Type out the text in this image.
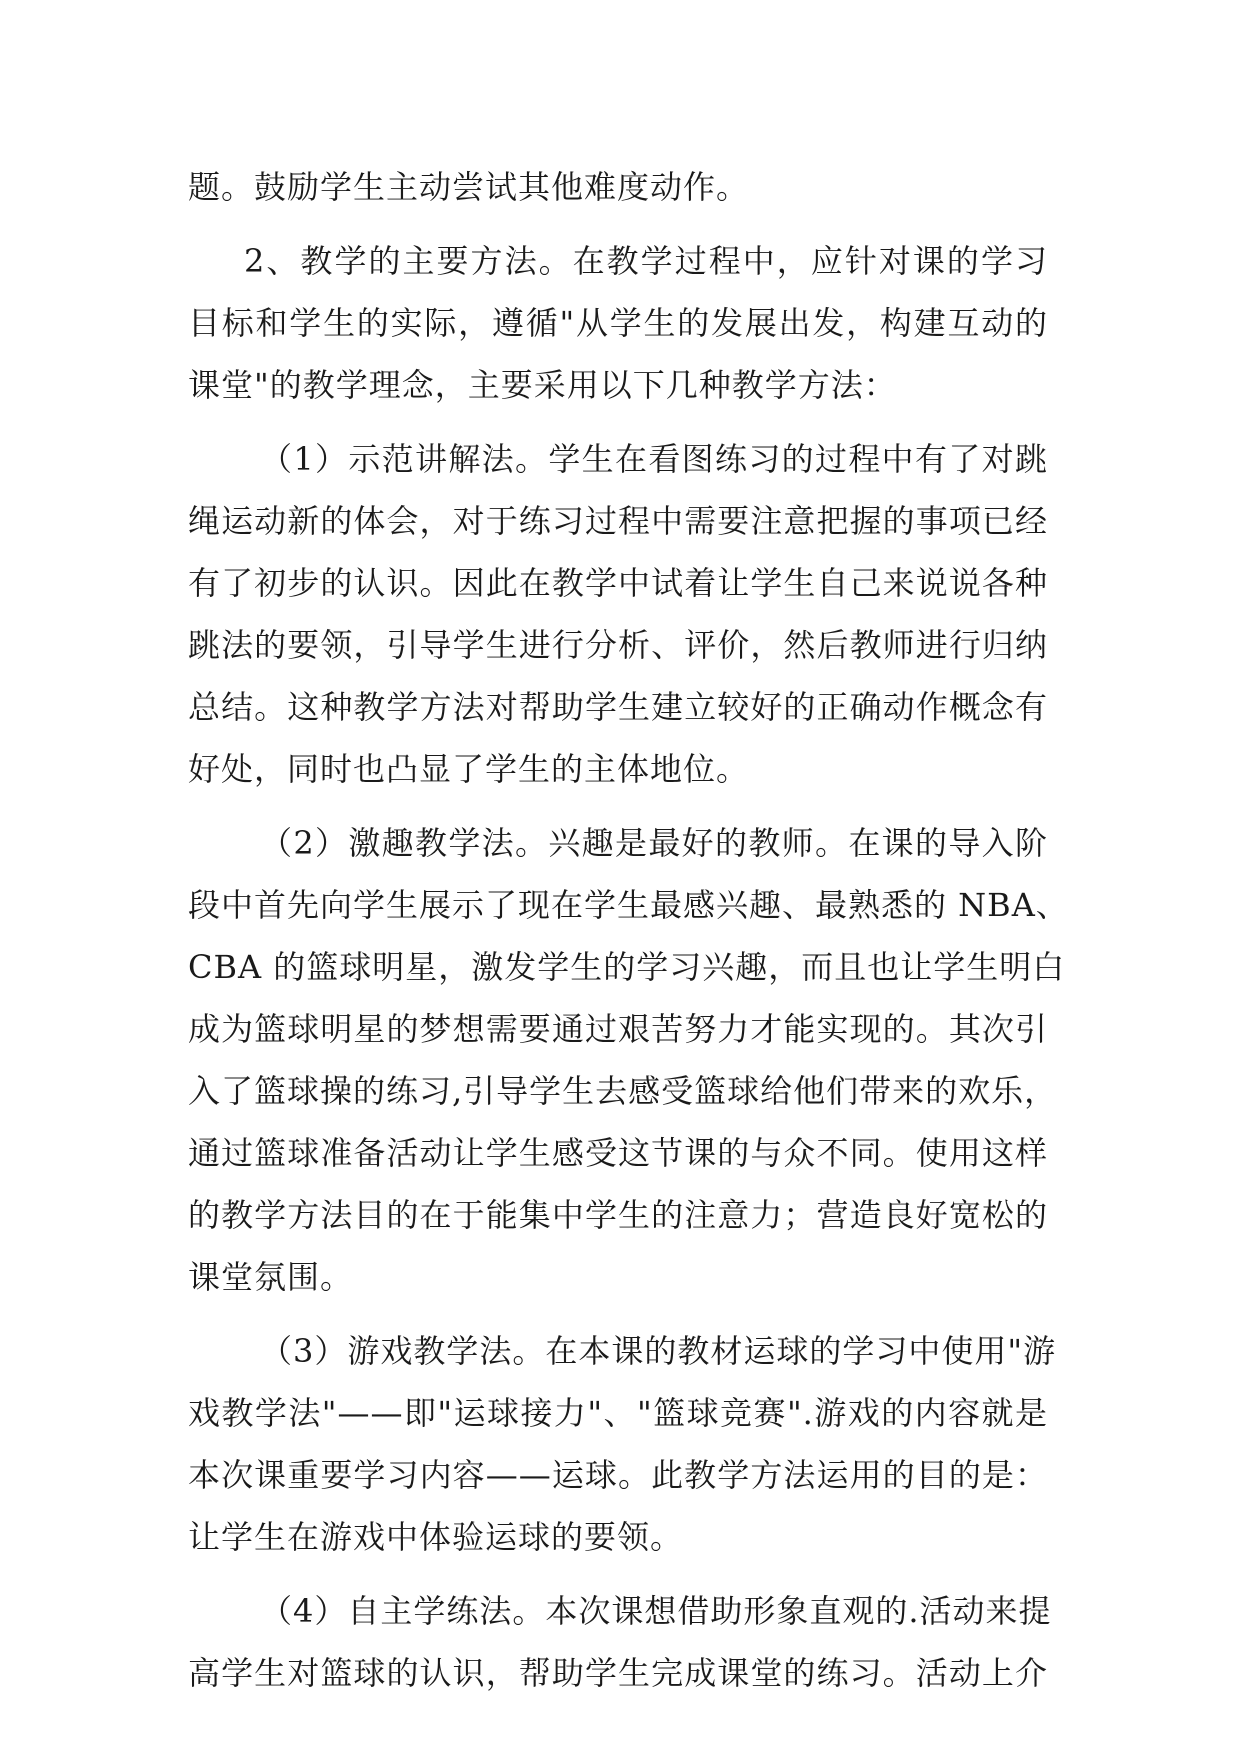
题。鼓励学生主动尝试其他难度动作。
2、教学的主要方法。在教学过程中，应针对课的学习
目标和学生的实际，遵循"从学生的发展出发，构建互动的
课堂"的教学理念，主要采用以下几种教学方法：
（1）示范讲解法。学生在看图练习的过程中有了对跳
绳运动新的体会，对于练习过程中需要注意把握的事项已经
有了初步的认识。因此在教学中试着让学生自己来说说各种
跳法的要领，引导学生进行分析、评价，然后教师进行归纳
总结。这种教学方法对帮助学生建立较好的正确动作概念有
好处，同时也凸显了学生的主体地位。
（2）激趣教学法。兴趣是最好的教师。在课的导入阶
段中首先向学生展示了现在学生最感兴趣、最熟悉的 NBA、
CBA 的篮球明星，激发学生的学习兴趣，而且也让学生明白
成为篮球明星的梦想需要通过艰苦努力才能实现的。其次引
入了篮球操的练习,引导学生去感受篮球给他们带来的欢乐，
通过篮球准备活动让学生感受这节课的与众不同。使用这样
的教学方法目的在于能集中学生的注意力；营造良好宽松的
课堂氛围。
（3）游戏教学法。在本课的教材运球的学习中使用"游
戏教学法"——即"运球接力"、"篮球竞赛".游戏的内容就是
本次课重要学习内容——运球。此教学方法运用的目的是：
让学生在游戏中体验运球的要领。
（4）自主学练法。本次课想借助形象直观的.活动来提
高学生对篮球的认识，帮助学生完成课堂的练习。活动上介
